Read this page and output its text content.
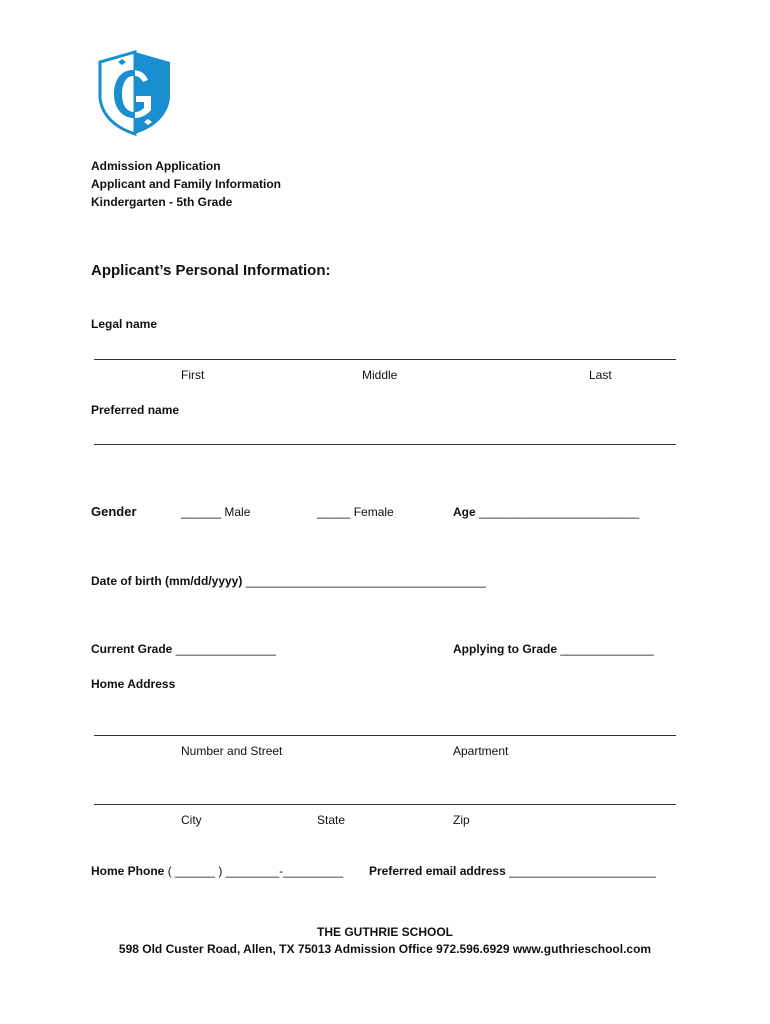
Admission Application
Applicant and Family Information
Kindergarten - 5th Grade
Applicant’s Personal Information:
Legal name
First	Middle	Last
Preferred name
Gender	______ Male	_____ Female	Age ________________________
Date of birth (mm/dd/yyyy) ____________________________________
Current Grade _______________	Applying to Grade ______________
Home Address
Number and Street	Apartment
City	State	Zip
Home Phone ( ______ ) ________-_________ Preferred email address ______________________
THE GUTHRIE SCHOOL
598 Old Custer Road, Allen, TX 75013 Admission Office 972.596.6929 www.guthrieschool.com
